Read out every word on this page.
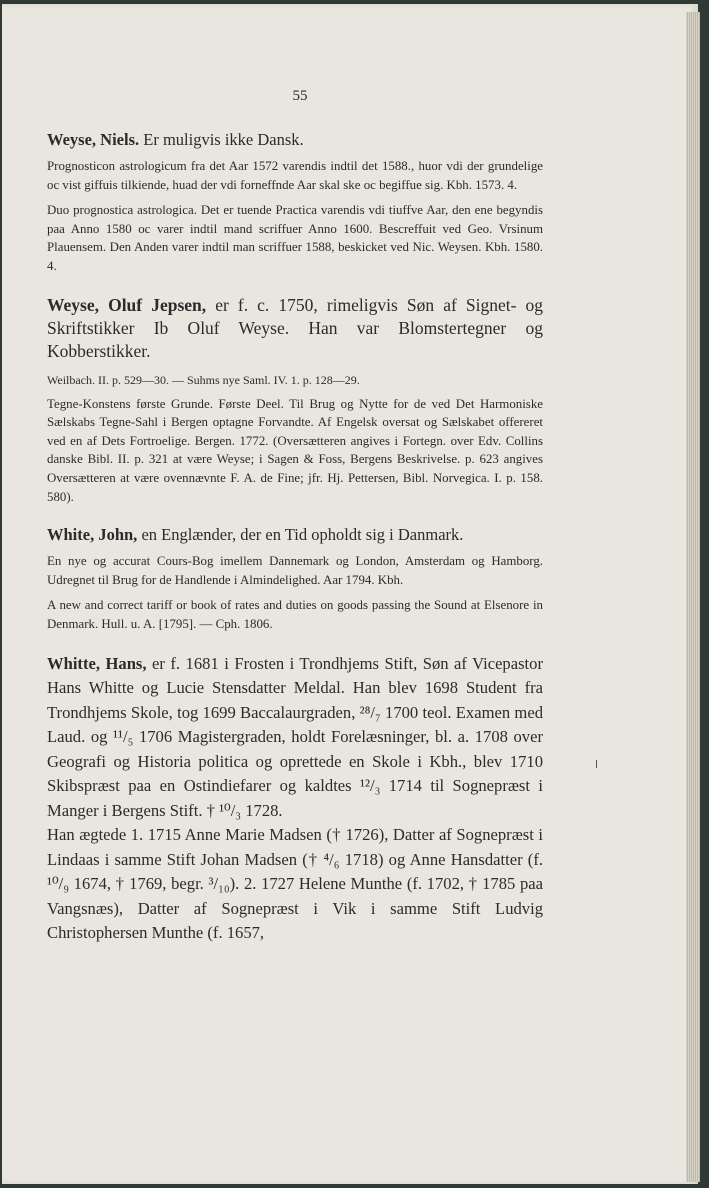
55
Weyse, Niels. Er muligvis ikke Dansk.

Prognosticon astrologicum fra det Aar 1572 varendis indtil det 1588., huor vdi der grundelige oc vist giffuis tilkiende, huad der vdi forneffnde Aar skal ske oc begiffue sig. Kbh. 1573. 4.

Duo prognostica astrologica. Det er tuende Practica varendis vdi tiuffve Aar, den ene begyndis paa Anno 1580 oc varer indtil mand scriffuer Anno 1600. Bescreffuit ved Geo. Vrsinum Plauensem. Den Anden varer indtil man scriffuer 1588, beskicket ved Nic. Weysen. Kbh. 1580. 4.

Weyse, Oluf Jepsen, er f. c. 1750, rimeligvis Søn af Signet- og Skriftstikker Ib Oluf Weyse. Han var Blomstertegner og Kobberstikker.

Weilbach. II. p. 529—30. — Suhms nye Saml. IV. 1. p. 128—29.

Tegne-Konstens første Grunde. Første Deel. Til Brug og Nytte for de ved Det Harmoniske Sælskabs Tegne-Sahl i Bergen optagne Forvandte. Af Engelsk oversat og Sælskabet offereret ved en af Dets Fortroelige. Bergen. 1772. (Oversætteren angives i Fortegn. over Edv. Collins danske Bibl. II. p. 321 at være Weyse; i Sagen & Foss, Bergens Beskrivelse. p. 623 angives Oversætteren at være ovennævnte F. A. de Fine; jfr. Hj. Pettersen, Bibl. Norvegica. I. p. 158. 580).

White, John, en Englænder, der en Tid opholdt sig i Danmark.

En nye og accurat Cours-Bog imellem Dannemark og London, Amsterdam og Hamborg. Udregnet til Brug for de Handlende i Almindelighed. Aar 1794. Kbh.

A new and correct tariff or book of rates and duties on goods passing the Sound at Elsenore in Denmark. Hull. u. A. [1795]. — Cph. 1806.

Whitte, Hans, er f. 1681 i Frosten i Trondhjems Stift, Søn af Vicepastor Hans Whitte og Lucie Stensdatter Meldal. Han blev 1698 Student fra Trondhjems Skole, tog 1699 Baccalaurgraden, ²⁸/₇ 1700 teol. Examen med Laud. og ¹¹/₅ 1706 Magistergraden, holdt Forelæsninger, bl. a. 1708 over Geografi og Historia politica og oprettede en Skole i Kbh., blev 1710 Skibspræst paa en Ostindiefarer og kaldtes ¹²/₃ 1714 til Sognepræst i Manger i Bergens Stift. † ¹⁰/₃ 1728.

Han ægtede 1. 1715 Anne Marie Madsen († 1726), Datter af Sognepræst i Lindaas i samme Stift Johan Madsen († ⁴/₆ 1718) og Anne Hansdatter (f. ¹⁰/₉ 1674, † 1769, begr. ³/₁₀). 2. 1727 Helene Munthe (f. 1702, † 1785 paa Vangsnæs), Datter af Sognepræst i Vik i samme Stift Ludvig Christophersen Munthe (f. 1657,
